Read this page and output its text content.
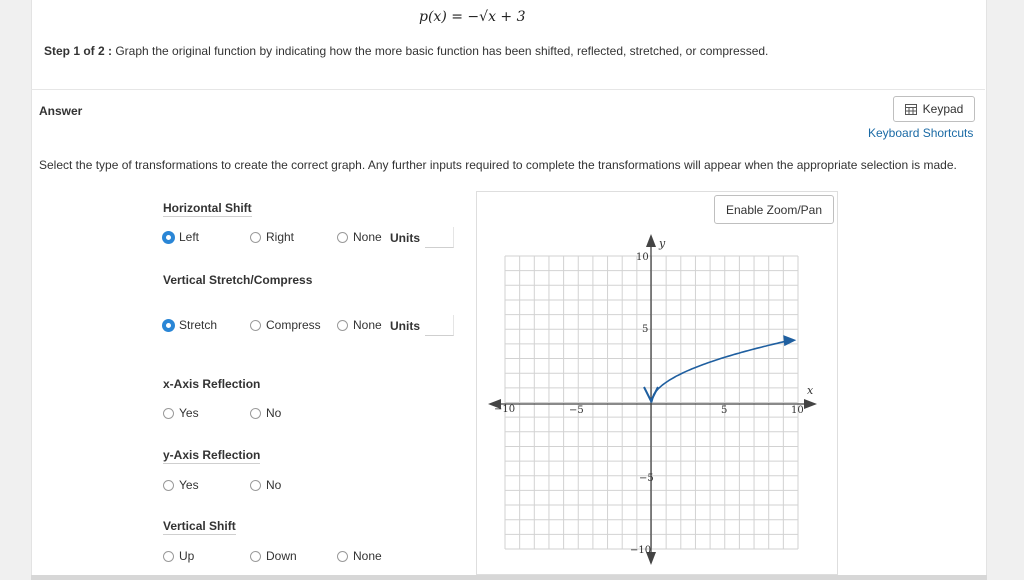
p(x) = −√x + 3
Step 1 of 2 : Graph the original function by indicating how the more basic function has been shifted, reflected, stretched, or compressed.
Answer	Keypad
Keyboard Shortcuts
Select the type of transformations to create the correct graph. Any further inputs required to complete the transformations will appear when the appropriate selection is made.
Horizontal Shift
Left	Right	None Units
Vertical Stretch/Compress
Stretch	Compress	None Units
x-Axis Reflection
Yes	No
y-Axis Reflection
Yes	No
Vertical Shift
Up	Down	None
Enable Zoom/Pan
−10	−5	5	10
10
5
−5
−10
x
y
